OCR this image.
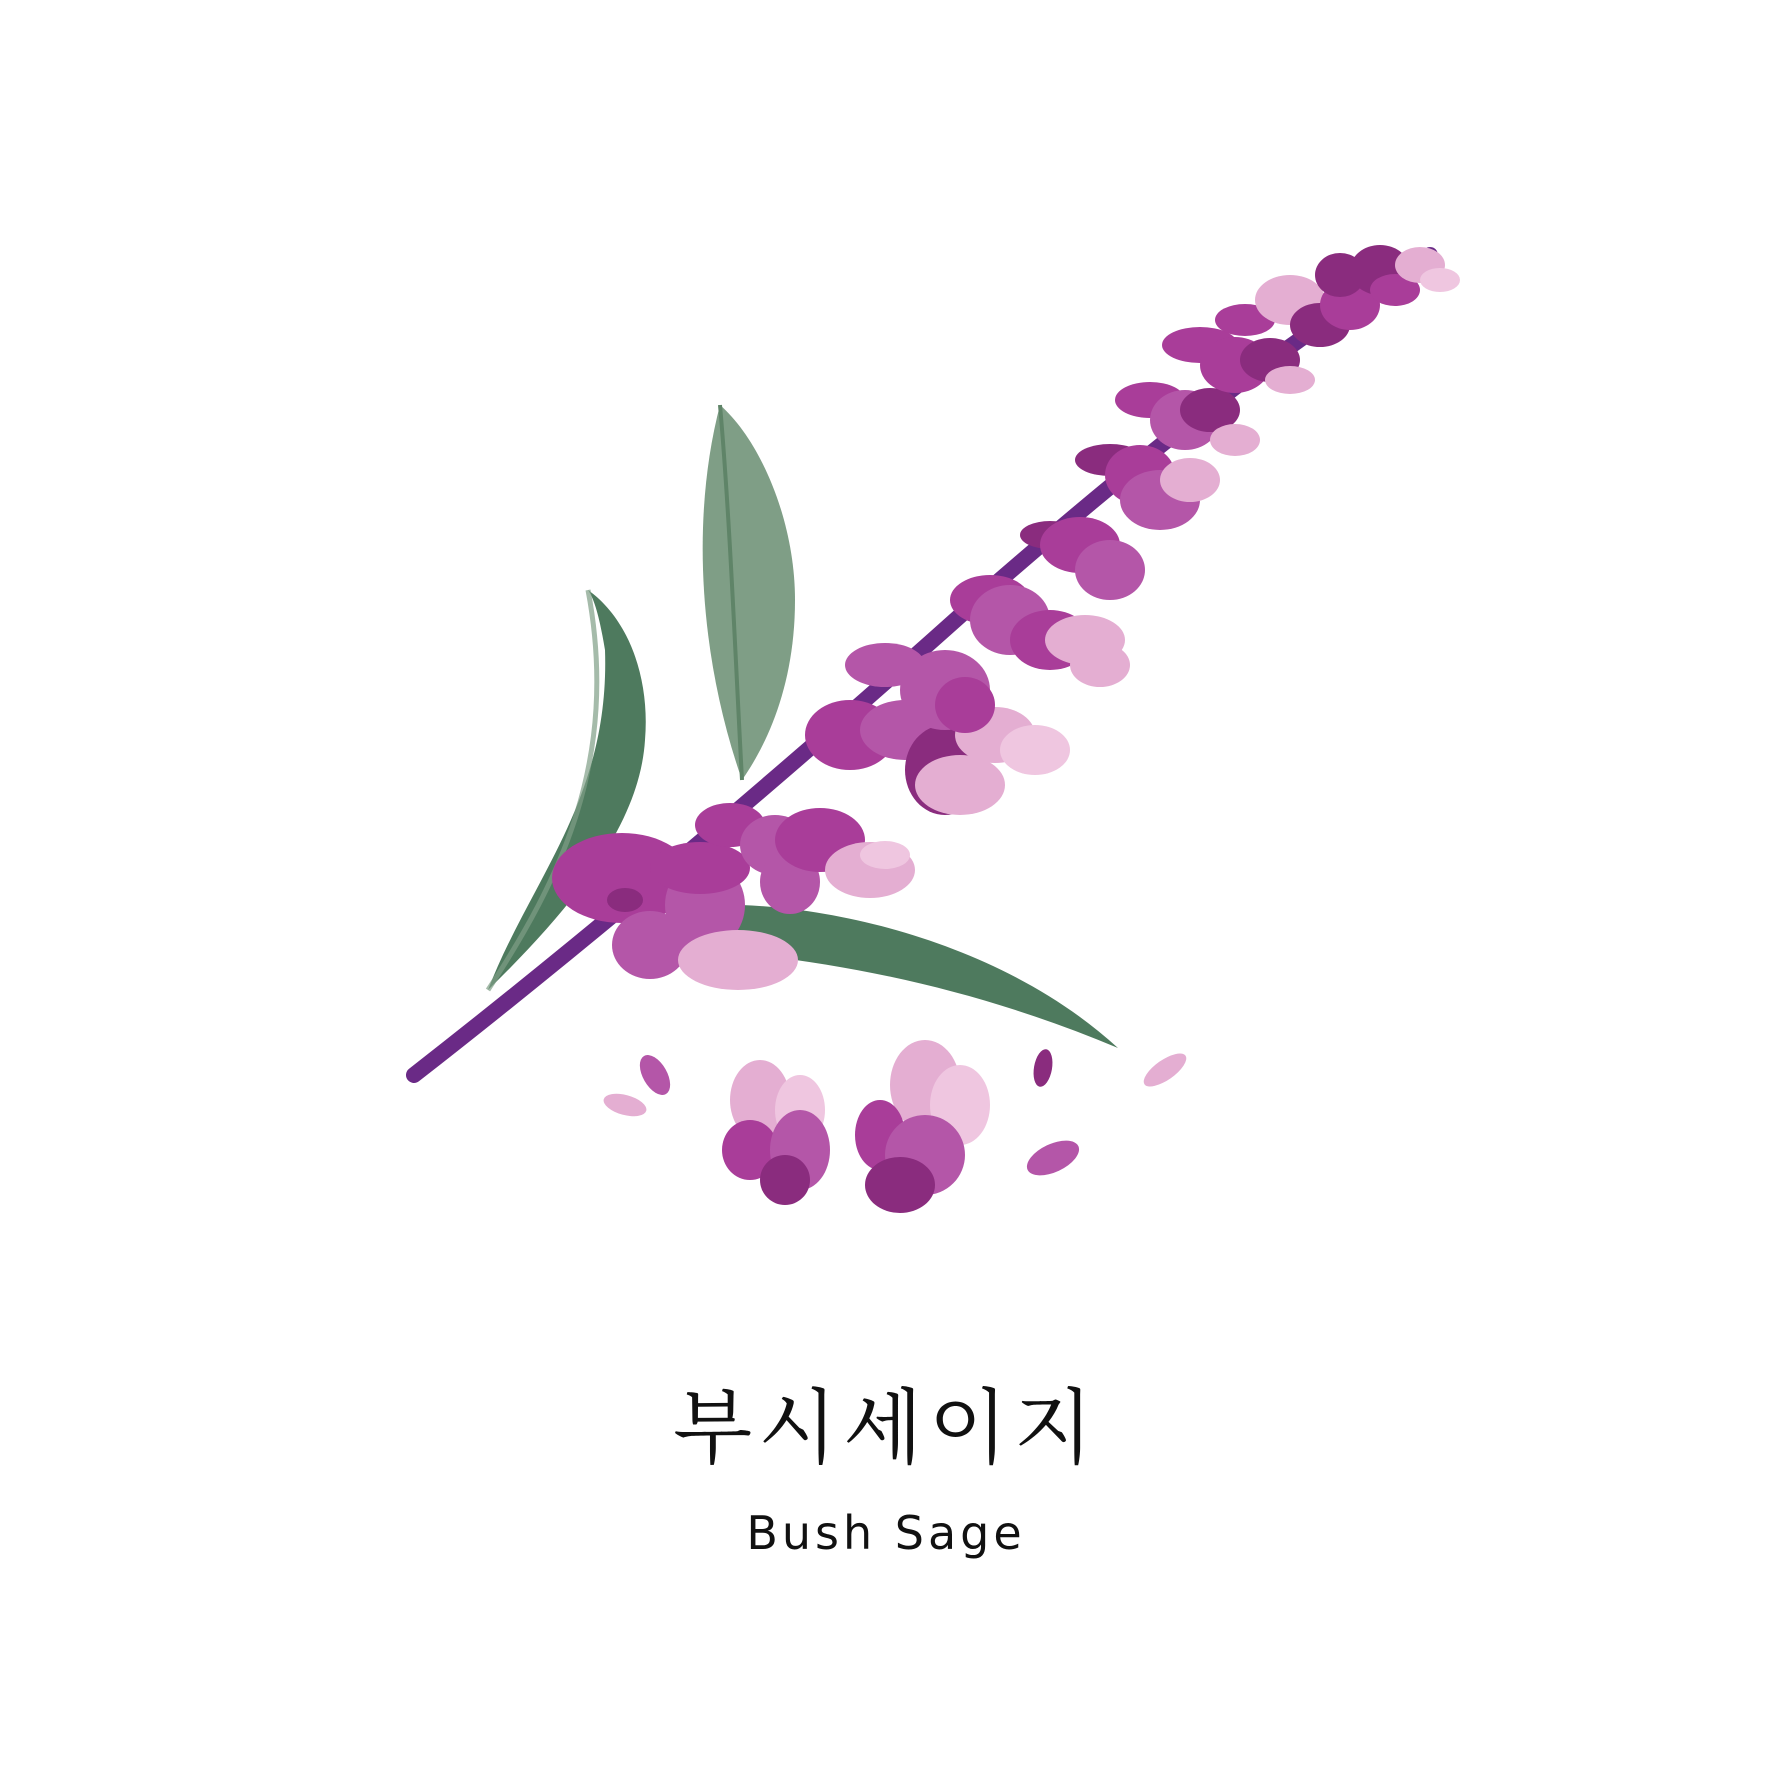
부시세이지
Bush Sage
